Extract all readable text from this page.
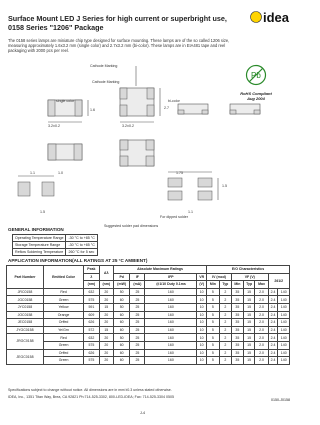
Surface Mount LED J Series for high current or superbright use,
0158 Series "1206" Package
idea
The 0158 series lamps are miniature chip type designed for surface mounting. These lamps are of the so called 1206 size, measuring approximately 1.6x3.2 mm (single color) and 2.7x3.2 mm (bi-color). These lamps are in EIA481 tape and reel packaging with 2000 pcs per reel.
Cathode Marking
Cathode Marking
single color	bi-color
3.2±0.2	3.2±0.2
1.6	2.7
1.1	1.0
1.5
1.75
1.5
1.1
For dipped solder
Suggested solder pad dimensions
Pb
RoHS Compliant
Aug 2004
GENERAL INFORMATION
Operating Temperature Range	-30 °C to +85 °C
Storage Temperature Range	-30 °C to +85 °C
Reflow Soldering Temperature	260 °C for 5 sec
APPLICATION INFORMATION(ALL RATINGS AT 25 °C AMBIENT)
Part Number	Emitted Color	Peak	Δλ	Absolute Maximum Ratings				E/O Characteristics						
		λ		Pd	IF	IFP	VR	IV (mcd)		VF (V)			2θ1/2	
		(nm)	(nm)	(mW)	(mA)	@1/10 Duty 0.1ms	(V)	Min	Typ	Min	Typ	Max		
JRC0158	Red	632	20	50	25	160	10	5	2	35	15	2.0	2.4	140
JGC0158	Green	575	20	60	25	160	10	5	2	35	15	2.0	2.4	140
JYC0158	Yellow	591	15	50	25	160	10	5	2	35	15	2.0	2.4	140
JOC0158	Orange	609	20	60	25	160	10	5	2	35	15	2.0	2.4	140
JEC0158	Orffed	626	20	60	25	160	10	5	2	35	15	2.0	2.4	140
JYGC0158	Ye/Grn	572	15	60	25	160	10	5	2	35	15	2.0	2.4	140
JRGC0158	Red	632	20	50	25	160	10	5	2	35	15	2.0	2.4	140
	Green	575	20	60	25	160	10	5	2	35	15	2.0	2.4	140
JEGC0158	Orffed	626	20	60	25	160	10	5	2	35	15	2.0	2.4	140
	Green	575	20	60	25	160	10	5	2	35	15	2.0	2.4	140
Specifications subject to change without notice. All dimensions are in mm/±0.3 unless stated otherwise.
IDEA, Inc., 1351 Titan Way, Brea, CA 92821 Ph:714-525-3302, 800-LED-IDEA; Fax: 714-525-3304 0505
0150-J0158
J-4
